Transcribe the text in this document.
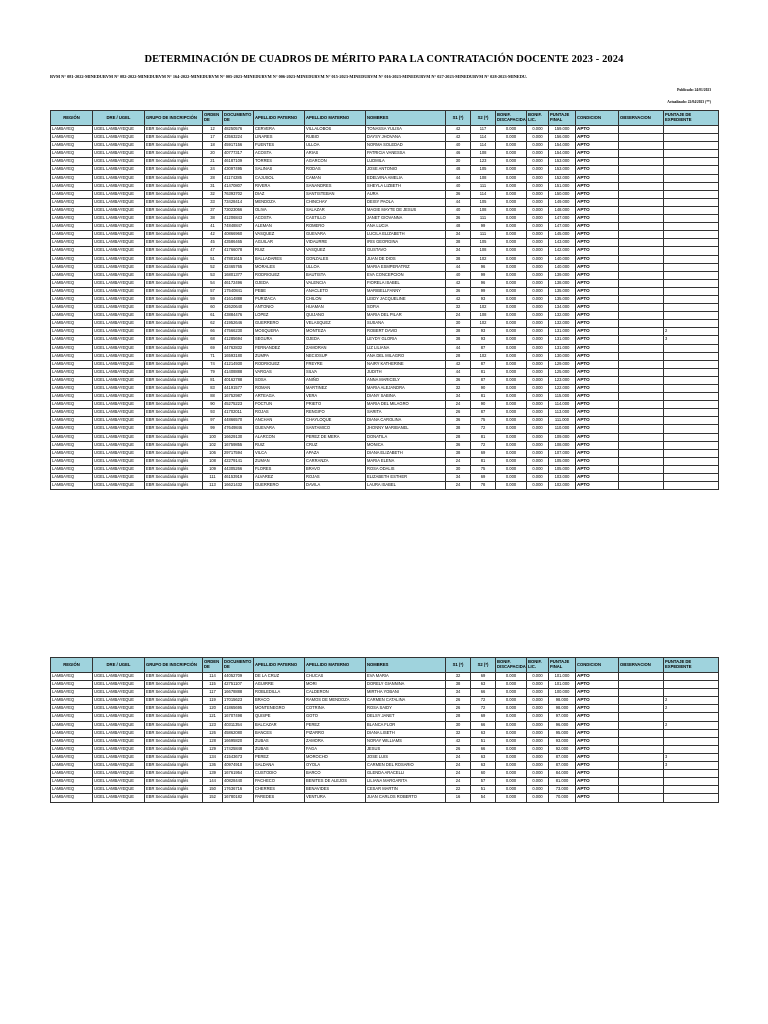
DETERMINACIÓN DE CUADROS DE MÉRITO PARA LA CONTRATACIÓN DOCENTE 2023 - 2024
RVM N° 081-2022-MINEDURVM N° 082-2022-MINEDURVM N° 164-2022-MINEDURVM N° 005-2023-MINEDURVM N° 006-2023-MINEDURVM N° 015-2023-MINEDURVM N° 016-2023-MINEDURVM N° 027-2023-MINEDURVM N° 028-2023-MINEDU.
Publicado: 24/01/2023
Actualizado: 22/04/2023 (**)
REGIÓN	DRE / UGEL	GRUPO DE INSCRIPCIÓN	ORDEN DE	DOCUMENTO DE	APELLIDO PATERNO	APELLIDO MATERNO	NOMBRES	S1 (*)	S2 (*)	BONIF. DISCAPACIDA	BONIF. LIC.	PUNTAJE FINAL	CONDICION	OBSERVACION	PUNTAJE DE EXPEDIENTE
LAMBAYEQ	UGEL LAMBAYEQUE	EBR Secundaria Inglés	12	48250576	CERVERA	VILLALOBOS	TONASSA YULISA	42	117	0.000	0.000	159.000	APTO		
LAMBAYEQ	UGEL LAMBAYEQUE	EBR Secundaria Inglés	17	43563224	LINARES	RUBIO	DAYSY JHOVANA	42	114	0.000	0.000	156.000	APTO		
LAMBAYEQ	UGEL LAMBAYEQUE	EBR Secundaria Inglés	18	45917156	FUENTES	ULLOA	NORMA SOLEDAD	40	114	0.000	0.000	154.000	APTO		
LAMBAYEQ	UGEL LAMBAYEQUE	EBR Secundaria Inglés	20	40777317	ACOSTA	ARIAS	PATRICIA VANESSA	46	108	0.000	0.000	154.000	APTO		
LAMBAYEQ	UGEL LAMBAYEQUE	EBR Secundaria Inglés	21	46187109	TORRES	AGARCON	LUDMILA	30	123	0.000	0.000	153.000	APTO		
LAMBAYEQ	UGEL LAMBAYEQUE	EBR Secundaria Inglés	24	43097495	SALINAS	RODAS	JOSE ANTONIO	48	105	0.000	0.000	153.000	APTO		
LAMBAYEQ	UGEL LAMBAYEQUE	EBR Secundaria Inglés	28	41174285	CAJUSOL	CAMAN	EDELVINA AMELIA	44	108	0.000	0.000	152.000	APTO		
LAMBAYEQ	UGEL LAMBAYEQUE	EBR Secundaria Inglés	31	41470807	RIVERA	SANANDRES	SHEYLA LIZBETH	40	111	0.000	0.000	151.000	APTO		
LAMBAYEQ	UGEL LAMBAYEQUE	EBR Secundaria Inglés	32	76393702	DIAZ	SANTISTEBAN	AURA	36	114	0.000	0.000	150.000	APTO		
LAMBAYEQ	UGEL LAMBAYEQUE	EBR Secundaria Inglés	33	73428414	MENDOZA	CHINCHAY	DEISY PAOLA	44	105	0.000	0.000	149.000	APTO		
LAMBAYEQ	UGEL LAMBAYEQUE	EBR Secundaria Inglés	37	73023066	OLIVA	SALAZAR	MAGIE MAYTE DE JESUS	40	108	0.000	0.000	148.000	APTO		
LAMBAYEQ	UGEL LAMBAYEQUE	EBR Secundaria Inglés	38	41206843	ACOSTA	CASTILLO	JANET GIOVANNA	36	111	0.000	0.000	147.000	APTO		
LAMBAYEQ	UGEL LAMBAYEQUE	EBR Secundaria Inglés	41	74848847	ALEMAN	ROMERO	ANA LUCIA	48	99	0.000	0.000	147.000	APTO		
LAMBAYEQ	UGEL LAMBAYEQUE	EBR Secundaria Inglés	42	40866960	VASQUEZ	GUEVARA	LUCILA ELIZABETH	34	111	0.000	0.000	145.000	APTO		
LAMBAYEQ	UGEL LAMBAYEQUE	EBR Secundaria Inglés	45	43586465	AGUILAR	VIDAURRE	IRIS GEORGINA	38	105	0.000	0.000	143.000	APTO		
LAMBAYEQ	UGEL LAMBAYEQUE	EBR Secundaria Inglés	47	41766078	RUIZ	VASQUEZ	GUSTAVO	34	108	0.000	0.000	142.000	APTO		
LAMBAYEQ	UGEL LAMBAYEQUE	EBR Secundaria Inglés	51	47801615	BALLADARES	GONZALES	JUAN DE DIOS	38	102	0.000	0.000	140.000	APTO		
LAMBAYEQ	UGEL LAMBAYEQUE	EBR Secundaria Inglés	52	42465765	MORALES	ULLOA	MARIA ESMPERATRIZ	44	96	0.000	0.000	140.000	APTO		
LAMBAYEQ	UGEL LAMBAYEQUE	EBR Secundaria Inglés	53	16801377	RODRIGUEZ	BAUTISTA	EVA CONCEPCION	40	99	0.000	0.000	139.000	APTO		
LAMBAYEQ	UGEL LAMBAYEQUE	EBR Secundaria Inglés	54	46172496	OJEDA	VALENCIA	FIORELA ISABEL	42	96	0.000	0.000	138.000	APTO		
LAMBAYEQ	UGEL LAMBAYEQUE	EBR Secundaria Inglés	57	17540841	PEBE	ANACLETO	MARIBELLFANNY	36	99	0.000	0.000	135.000	APTO		
LAMBAYEQ	UGEL LAMBAYEQUE	EBR Secundaria Inglés	59	41614888	PURIZACA	CHILON	LEIDY JACQUELINE	42	93	0.000	0.000	135.000	APTO		
LAMBAYEQ	UGEL LAMBAYEQUE	EBR Secundaria Inglés	60	42620640	ANTONIO	HUAMAN	SOFIA	32	102	0.000	0.000	134.000	APTO		
LAMBAYEQ	UGEL LAMBAYEQUE	EBR Secundaria Inglés	61	43884476	LOPEZ	QUIJANO	MARIA DEL PILAR	24	108	0.000	0.000	132.000	APTO		
LAMBAYEQ	UGEL LAMBAYEQUE	EBR Secundaria Inglés	62	41952646	GUERRERO	VELASQUEZ	SUSANA	30	102	0.000	0.000	132.000	APTO		
LAMBAYEQ	UGEL LAMBAYEQUE	EBR Secundaria Inglés	66	47566230	MOSQUERA	MONTEZA	ROBERT DAVID	38	93	0.000	0.000	131.000	APTO		2
LAMBAYEQ	UGEL LAMBAYEQUE	EBR Secundaria Inglés	68	41285694	SEGURA	OJEDA	LEYDY GLORIA	38	93	0.000	0.000	131.000	APTO		3
LAMBAYEQ	UGEL LAMBAYEQUE	EBR Secundaria Inglés	69	44762832	FERNANDEZ	ZAMORAN	LIZ LILIANA	44	87	0.000	0.000	131.000	APTO		
LAMBAYEQ	UGEL LAMBAYEQUE	EBR Secundaria Inglés	71	16593180	ZUMPA	NECIOSUP	ANA DEL MILAGRO	28	102	0.000	0.000	130.000	APTO		
LAMBAYEQ	UGEL LAMBAYEQUE	EBR Secundaria Inglés	74	41214930	RODRIGUEZ	FREYRE	NAIRY KATHERINE	42	87	0.000	0.000	129.000	APTO		
LAMBAYEQ	UGEL LAMBAYEQUE	EBR Secundaria Inglés	79	41408888	VARGAS	SILVA	JUDITH	44	81	0.000	0.000	125.000	APTO		
LAMBAYEQ	UGEL LAMBAYEQUE	EBR Secundaria Inglés	81	40162788	SOSA	ANIÑO	ANNA MARICELY	36	87	0.000	0.000	123.000	APTO		
LAMBAYEQ	UGEL LAMBAYEQUE	EBR Secundaria Inglés	83	44191577	ROMAN	MARTINEZ	MARIA ALEJANDRA	32	90	0.000	0.000	122.000	APTO		
LAMBAYEQ	UGEL LAMBAYEQUE	EBR Secundaria Inglés	88	16752987	ARTEAGA	VERA	DIANY SABINA	34	81	0.000	0.000	115.000	APTO		
LAMBAYEQ	UGEL LAMBAYEQUE	EBR Secundaria Inglés	90	45275223	FOCTUN	PRIETO	MARIA DEL MILAGRO	24	90	0.000	0.000	114.000	APTO		
LAMBAYEQ	UGEL LAMBAYEQUE	EBR Secundaria Inglés	93	41702011	ROJAS	RENGIFO	SARITA	26	87	0.000	0.000	113.000	APTO		
LAMBAYEQ	UGEL LAMBAYEQUE	EBR Secundaria Inglés	97	44866570	ANCHAN	CHAYLOQUE	DIANA CAROLINA	36	75	0.000	0.000	111.000	APTO		
LAMBAYEQ	UGEL LAMBAYEQUE	EBR Secundaria Inglés	99	47649846	GUEVARA	SANTAMICO	JHONNY MARIBANEL	38	72	0.000	0.000	110.000	APTO		
LAMBAYEQ	UGEL LAMBAYEQUE	EBR Secundaria Inglés	100	16629130	ALARCON	PEREZ DE MERA	DONATILA	28	81	0.000	0.000	109.000	APTO		
LAMBAYEQ	UGEL LAMBAYEQUE	EBR Secundaria Inglés	102	16759855	RUIZ	CRUZ	MONICA	36	72	0.000	0.000	108.000	APTO		
LAMBAYEQ	UGEL LAMBAYEQUE	EBR Secundaria Inglés	106	29717594	VILCA	APAZA	DIANA ELIZABETH	38	69	0.000	0.000	107.000	APTO		
LAMBAYEQ	UGEL LAMBAYEQUE	EBR Secundaria Inglés	108	42279141	ZUMAN	CARRANZA	MARIA ELENA	24	81	0.000	0.000	105.000	APTO		
LAMBAYEQ	UGEL LAMBAYEQUE	EBR Secundaria Inglés	109	44305266	FLORES	BRAVO	ROSA ODALIS	30	75	0.000	0.000	105.000	APTO		
LAMBAYEQ	UGEL LAMBAYEQUE	EBR Secundaria Inglés	111	46153919	ALVAREZ	ROJAS	ELIZABETH ESTHER	34	69	0.000	0.000	103.000	APTO		
LAMBAYEQ	UGEL LAMBAYEQUE	EBR Secundaria Inglés	113	16621432	GUERRERO	DAVILA	LAURA ISABEL	24	78	0.000	0.000	102.000	APTO		
REGIÓN	DRE / UGEL	GRUPO DE INSCRIPCIÓN	ORDEN DE	DOCUMENTO DE	APELLIDO PATERNO	APELLIDO MATERNO	NOMBRES	S1 (*)	S2 (*)	BONIF. DISCAPACIDA	BONIF. LIC.	PUNTAJE FINAL	CONDICION	OBSERVACION	PUNTAJE DE EXPEDIENTE
LAMBAYEQ	UGEL LAMBAYEQUE	EBR Secundaria Inglés	114	44052709	DE LA CRUZ	CHUCAS	EVA MARIA	32	69	0.000	0.000	101.000	APTO		
LAMBAYEQ	UGEL LAMBAYEQUE	EBR Secundaria Inglés	115	42751107	AGUIRRE	MORI	DORELY GIANNINA	38	63	0.000	0.000	101.000	APTO		
LAMBAYEQ	UGEL LAMBAYEQUE	EBR Secundaria Inglés	117	16678888	ROBLEDILLA	CALDERON	MIRTHA YOBANI	34	66	0.000	0.000	100.000	APTO		
LAMBAYEQ	UGEL LAMBAYEQUE	EBR Secundaria Inglés	119	17015623	BRACO	RAMOS DE MENDOZA	CARMEN CATALINA	26	72	0.000	0.000	98.000	APTO		2
LAMBAYEQ	UGEL LAMBAYEQUE	EBR Secundaria Inglés	120	41865695	MONTENEGRO	COTRINA	ROSA SAIDY	26	72	0.000	0.000	98.000	APTO		2
LAMBAYEQ	UGEL LAMBAYEQUE	EBR Secundaria Inglés	121	16707498	QUISPE	GOTO	DELSY JANET	28	69	0.000	0.000	97.000	APTO		
LAMBAYEQ	UGEL LAMBAYEQUE	EBR Secundaria Inglés	123	40311354	BALCAZAR	PEREZ	BLANCA FLOR	30	66	0.000	0.000	96.000	APTO		2
LAMBAYEQ	UGEL LAMBAYEQUE	EBR Secundaria Inglés	126	45862080	BANCES	PIZARRO	DIANA LISETH	32	63	0.000	0.000	95.000	APTO		
LAMBAYEQ	UGEL LAMBAYEQUE	EBR Secundaria Inglés	128	16695820	ZUBAS	ZAMORA	NORAY WILLIAMS	42	51	0.000	0.000	93.000	APTO		
LAMBAYEQ	UGEL LAMBAYEQUE	EBR Secundaria Inglés	129	17425848	ZUBAS	FAGA	JESUS	26	66	0.000	0.000	92.000	APTO		
LAMBAYEQ	UGEL LAMBAYEQUE	EBR Secundaria Inglés	134	41543673	PEREZ	MOROCHO	JOSE LUIS	24	63	0.000	0.000	87.000	APTO		3
LAMBAYEQ	UGEL LAMBAYEQUE	EBR Secundaria Inglés	136	40974910	SALDANA	OYOLA	CARMEN DEL ROSARIO	24	63	0.000	0.000	87.000	APTO		3
LAMBAYEQ	UGEL LAMBAYEQUE	EBR Secundaria Inglés	139	16761954	CUSTODIO	BARCO	GLENDA ARACELLI	24	60	0.000	0.000	84.000	APTO		
LAMBAYEQ	UGEL LAMBAYEQUE	EBR Secundaria Inglés	144	40828440	PACHECO	BENITES DE ALEJOS	LILIANA MARGARITA	24	57	0.000	0.000	81.000	APTO		
LAMBAYEQ	UGEL LAMBAYEQUE	EBR Secundaria Inglés	150	17636716	CHERRES	BENAVIDES	CESAR MARTIN	22	51	0.000	0.000	73.000	APTO		
LAMBAYEQ	UGEL LAMBAYEQUE	EBR Secundaria Inglés	152	16780182	PAREDES	VENTURA	JUAN CARLOS ROBERTO	16	54	0.000	0.000	70.000	APTO		
